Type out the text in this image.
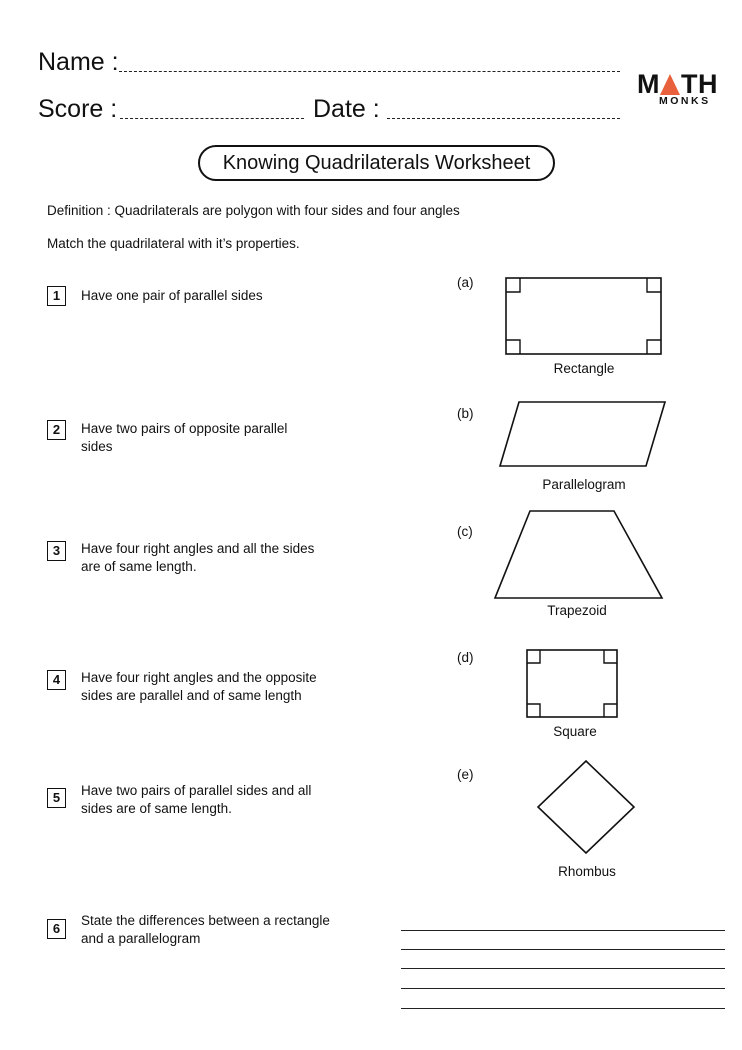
Name :
Score :	Date :
M TH
MONKS
Knowing Quadrilaterals Worksheet
Definition : Quadrilaterals are polygon with four sides and four angles
Match the quadrilateral with it’s properties.
1	Have one pair of parallel sides
2	Have two pairs of opposite parallel
sides
3	Have four right angles and all the sides
are of same length.
4	Have four right angles and the opposite
sides are parallel and of same length
5	Have two pairs of parallel sides and all
sides are of same length.
6
State the differences between a rectangle
and a parallelogram
(a)
Rectangle
(b)
Parallelogram
(c)
Trapezoid
(d)
Square
(e)
Rhombus
